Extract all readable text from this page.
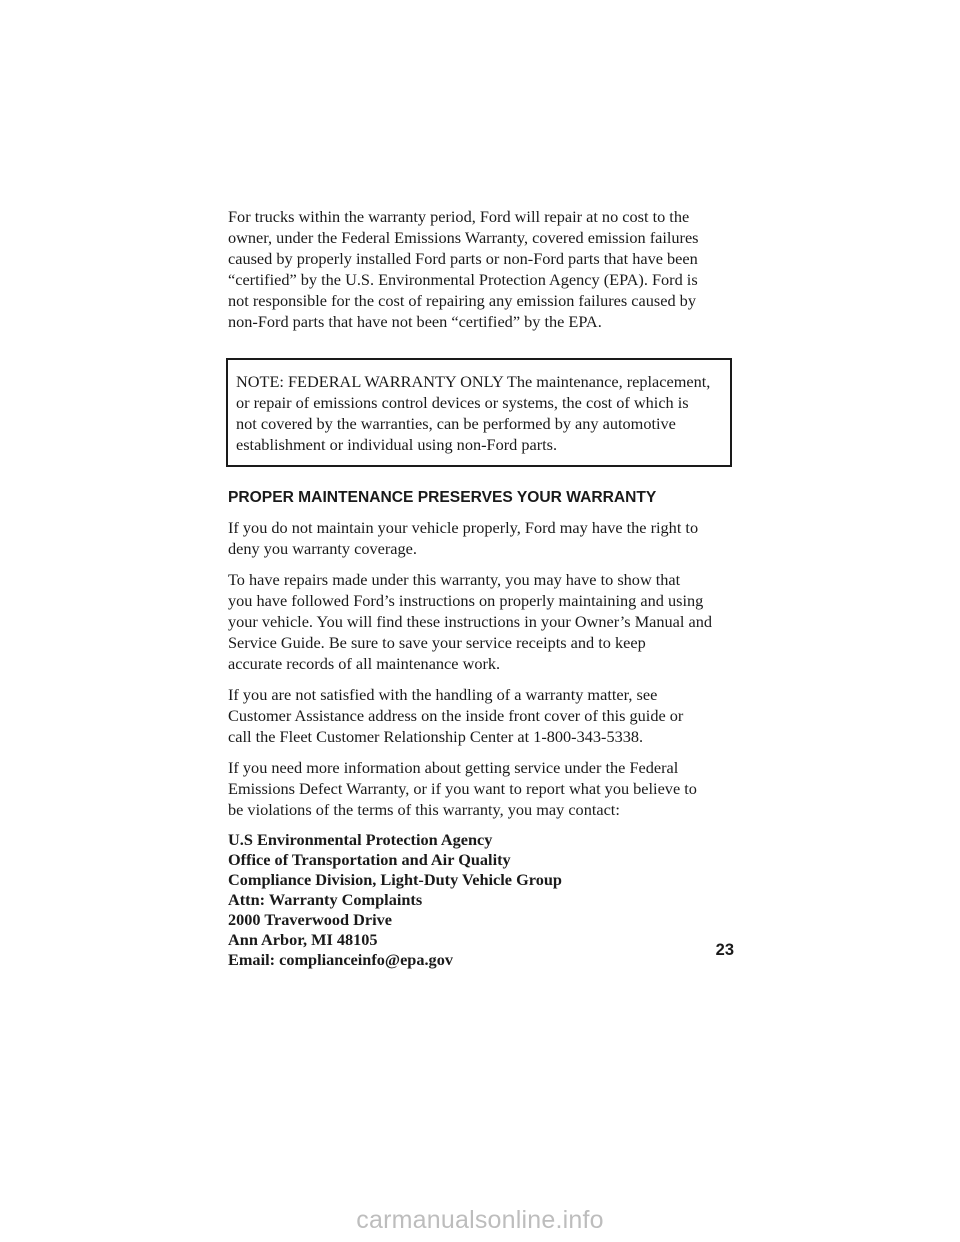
For trucks within the warranty period, Ford will repair at no cost to the
owner, under the Federal Emissions Warranty, covered emission failures
caused by properly installed Ford parts or non-Ford parts that have been
“certified” by the U.S. Environmental Protection Agency (EPA). Ford is
not responsible for the cost of repairing any emission failures caused by
non-Ford parts that have not been “certified” by the EPA.
NOTE: FEDERAL WARRANTY ONLY The maintenance, replacement,
or repair of emissions control devices or systems, the cost of which is
not covered by the warranties, can be performed by any automotive
establishment or individual using non-Ford parts.
PROPER MAINTENANCE PRESERVES YOUR WARRANTY
If you do not maintain your vehicle properly, Ford may have the right to
deny you warranty coverage.
To have repairs made under this warranty, you may have to show that
you have followed Ford’s instructions on properly maintaining and using
your vehicle. You will find these instructions in your Owner’s Manual and
Service Guide. Be sure to save your service receipts and to keep
accurate records of all maintenance work.
If you are not satisfied with the handling of a warranty matter, see
Customer Assistance address on the inside front cover of this guide or
call the Fleet Customer Relationship Center at 1-800-343-5338.
If you need more information about getting service under the Federal
Emissions Defect Warranty, or if you want to report what you believe to
be violations of the terms of this warranty, you may contact:
U.S Environmental Protection Agency
Office of Transportation and Air Quality
Compliance Division, Light-Duty Vehicle Group
Attn: Warranty Complaints
2000 Traverwood Drive
Ann Arbor, MI 48105
Email: complianceinfo@epa.gov	23
carmanualsonline.info
